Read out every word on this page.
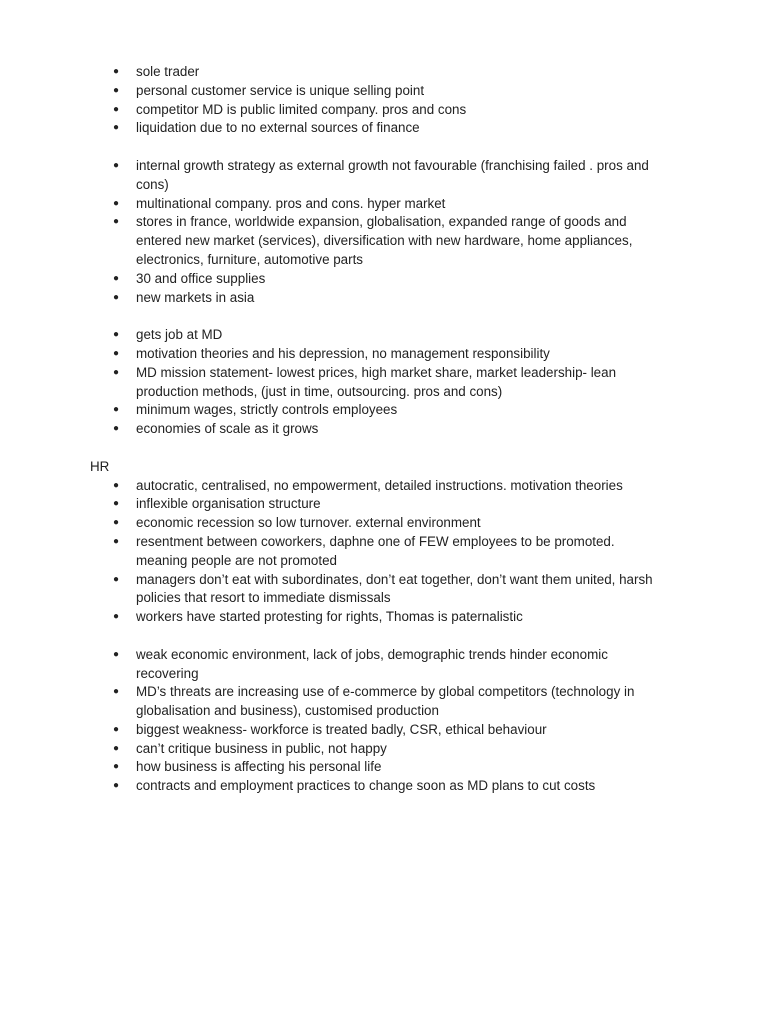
● sole trader
● personal customer service is unique selling point
● competitor MD is public limited company. pros and cons
● liquidation due to no external sources of finance
● internal growth strategy as external growth not favourable (franchising failed . pros and cons)
● multinational company. pros and cons. hyper market
● stores in france, worldwide expansion, globalisation, expanded range of goods and entered new market (services), diversification with new hardware, home appliances, electronics, furniture, automotive parts
● 30 and office supplies
● new markets in asia
● gets job at MD
● motivation theories and his depression, no management responsibility
● MD mission statement- lowest prices, high market share, market leadership- lean production methods, (just in time, outsourcing. pros and cons)
● minimum wages, strictly controls employees
● economies of scale as it grows
HR
● autocratic, centralised, no empowerment, detailed instructions. motivation theories
● inflexible organisation structure
● economic recession so low turnover. external environment
● resentment between coworkers, daphne one of FEW employees to be promoted. meaning people are not promoted
● managers don’t eat with subordinates, don’t eat together, don’t want them united, harsh policies that resort to immediate dismissals
● workers have started protesting for rights, Thomas is paternalistic
● weak economic environment, lack of jobs, demographic trends hinder economic recovering
● MD’s threats are increasing use of e-commerce by global competitors (technology in globalisation and business), customised production
● biggest weakness- workforce is treated badly, CSR, ethical behaviour
● can’t critique business in public, not happy
● how business is affecting his personal life
● contracts and employment practices to change soon as MD plans to cut costs
